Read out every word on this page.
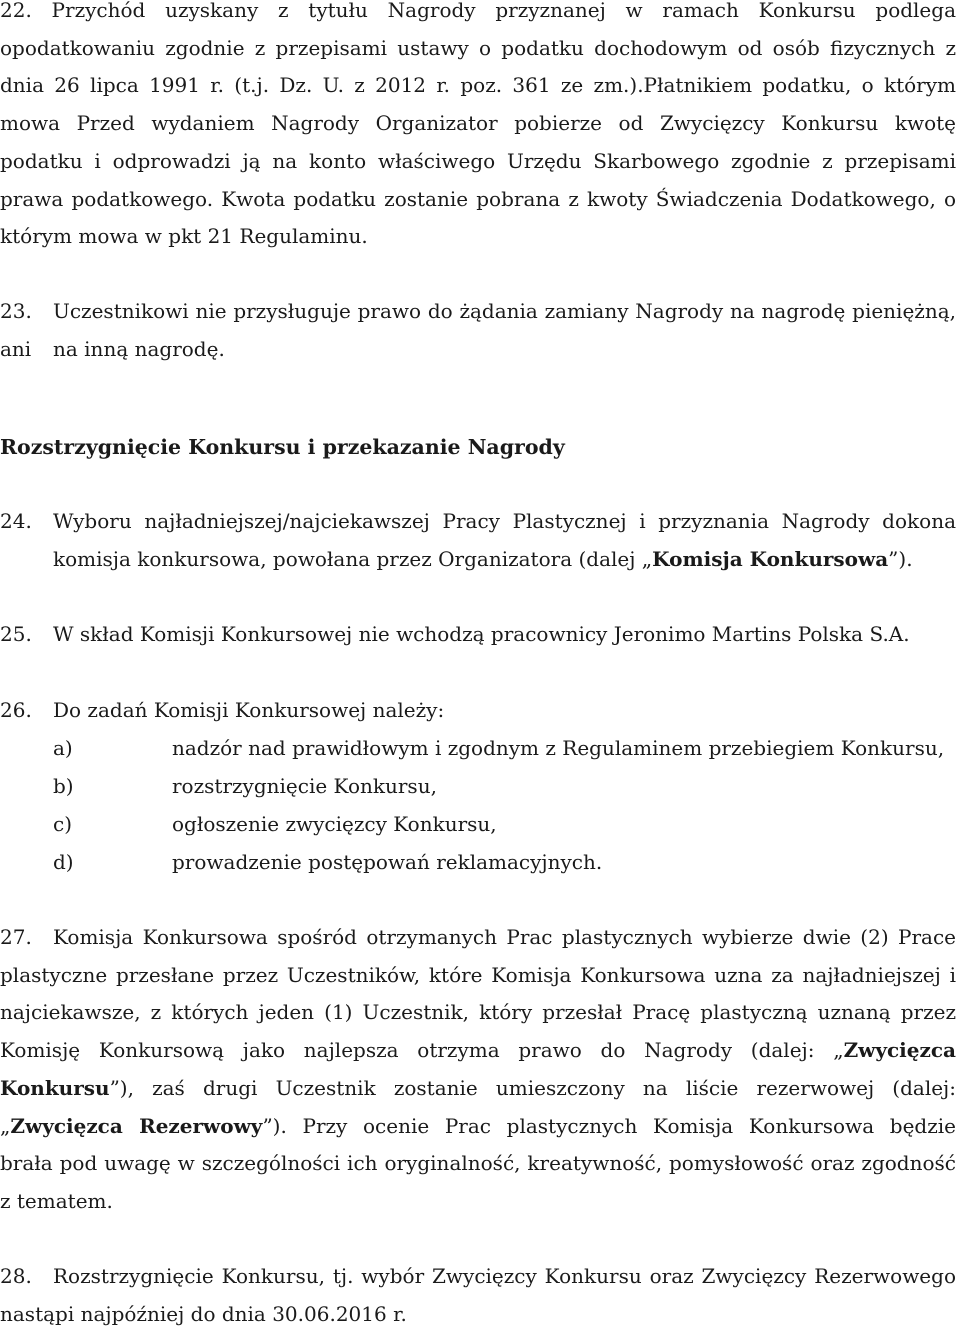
22. Przychód uzyskany z tytułu Nagrody przyznanej w ramach Konkursu podlega
opodatkowaniu zgodnie z przepisami ustawy o podatku dochodowym od osób fizycznych z
dnia 26 lipca 1991 r. (t.j. Dz. U. z 2012 r. poz. 361 ze zm.).Płatnikiem podatku, o którym
mowa Przed wydaniem Nagrody Organizator pobierze od Zwycięzcy Konkursu kwotę
podatku i odprowadzi ją na konto właściwego Urzędu Skarbowego zgodnie z przepisami
prawa podatkowego. Kwota podatku zostanie pobrana z kwoty Świadczenia Dodatkowego, o
którym mowa w pkt 21 Regulaminu.
23. Uczestnikowi nie przysługuje prawo do żądania zamiany Nagrody na nagrodę pieniężną, ani	na inną nagrodę.
Rozstrzygnięcie Konkursu i przekazanie Nagrody
24. Wyboru najładniejszej/najciekawszej Pracy Plastycznej i przyznania Nagrody dokona
komisja konkursowa, powołana przez Organizatora (dalej „Komisja Konkursowa”).
25. W skład Komisji Konkursowej nie wchodzą pracownicy Jeronimo Martins Polska S.A.
26. Do zadań Komisji Konkursowej należy:
a)	nadzór nad prawidłowym i zgodnym z Regulaminem przebiegiem Konkursu,
b)	rozstrzygnięcie Konkursu,
c)	ogłoszenie zwycięzcy Konkursu,
d)	prowadzenie postępowań reklamacyjnych.
27. Komisja Konkursowa spośród otrzymanych Prac plastycznych wybierze dwie (2) Prace
plastyczne przesłane przez Uczestników, które Komisja Konkursowa uzna za najładniejszej i
najciekawsze, z których jeden (1) Uczestnik, który przesłał Pracę plastyczną uznaną przez
Komisję Konkursową jako najlepsza otrzyma prawo do Nagrody (dalej: „Zwycięzca
Konkursu”), zaś drugi Uczestnik zostanie umieszczony na liście rezerwowej (dalej:
„Zwycięzca Rezerwowy”). Przy ocenie Prac plastycznych Komisja Konkursowa będzie
brała pod uwagę w szczególności ich oryginalność, kreatywność, pomysłowość oraz zgodność
z tematem.
28. Rozstrzygnięcie Konkursu, tj. wybór Zwycięzcy Konkursu oraz Zwycięzcy Rezerwowego
nastąpi najpóźniej do dnia 30.06.2016 r.
